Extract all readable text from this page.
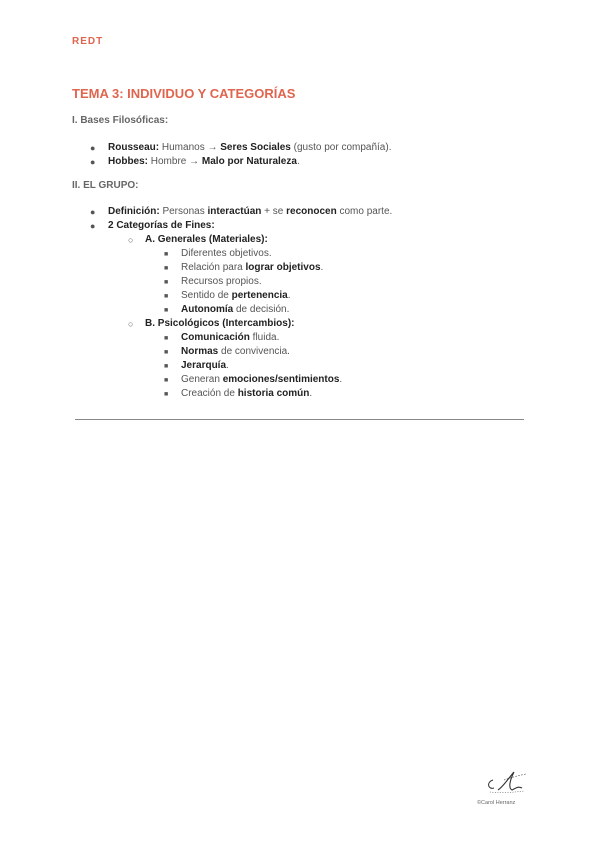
REDT
TEMA 3: INDIVIDUO Y CATEGORÍAS

I. Bases Filosóficas:

● Rousseau: Humanos → Seres Sociales (gusto por compañía).
● Hobbes: Hombre → Malo por Naturaleza.

II. EL GRUPO:

● Definición: Personas interactúan + se reconocen como parte.
● 2 Categorías de Fines:
○ A. Generales (Materiales):
■ Diferentes objetivos.
■ Relación para lograr objetivos.
■ Recursos propios.
■ Sentido de pertenencia.
■ Autonomía de decisión.
○ B. Psicológicos (Intercambios):
■ Comunicación fluida.
■ Normas de convivencia.
■ Jerarquía.
■ Generan emociones/sentimientos.
■ Creación de historia común.
©Carol Herranz
